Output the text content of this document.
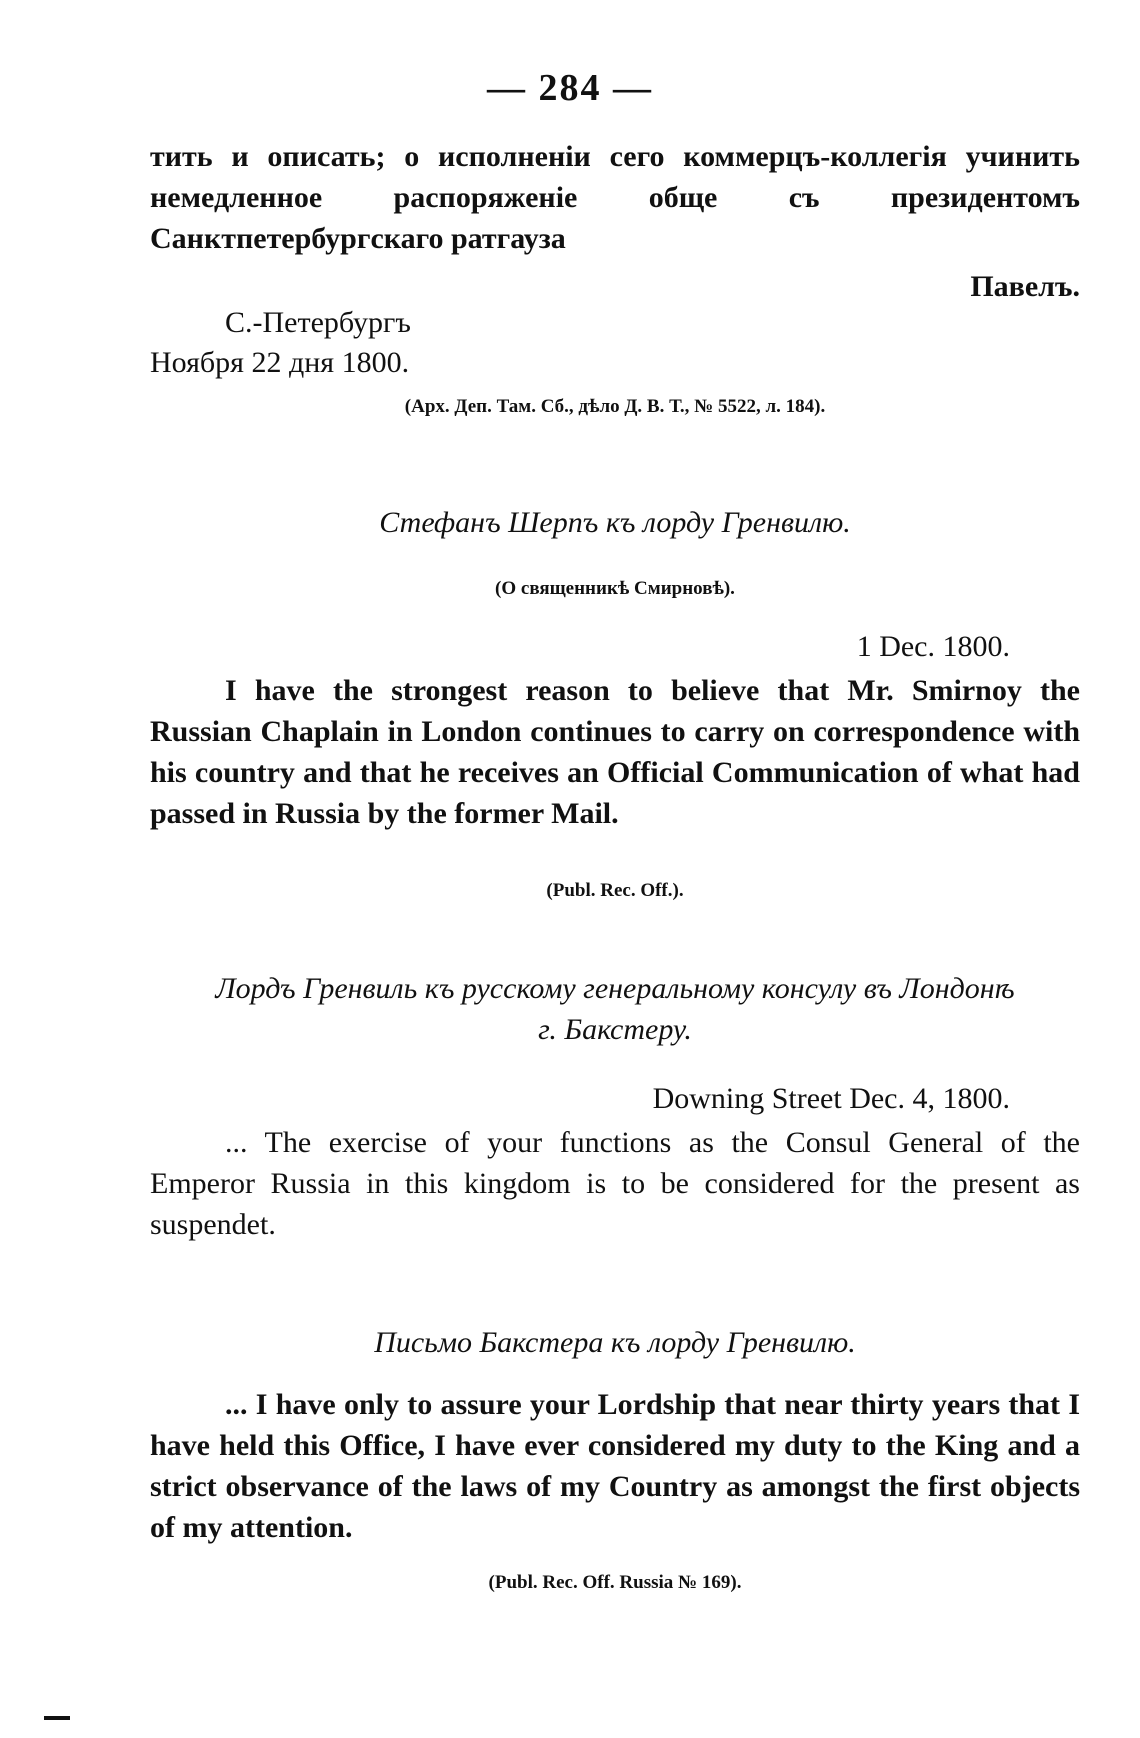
— 284 —
тить и описать; о исполненіи сего коммерцъ-коллегія учинить немедленное распоряженіе обще съ президентомъ Санктпетербургскаго ратгауза
Павелъ.
С.-Петербургъ
Ноября 22 дня 1800.
(Арх. Деп. Там. Сб., дѣло Д. В. Т., № 5522, л. 184).
Стефанъ Шерпъ къ лорду Гренвилю.
(О священникѣ Смирновѣ).
1 Dec. 1800.
I have the strongest reason to believe that Mr. Smirnoy the Russian Chaplain in London continues to carry on correspondence with his country and that he receives an Official Communication of what had passed in Russia by the former Mail.
(Publ. Rec. Off.).
Лордъ Гренвиль къ русскому генеральному консулу въ Лондонѣ
г. Бакстеру.
Downing Street Dec. 4, 1800.
... The exercise of your functions as the Consul General of the Emperor Russia in this kingdom is to be considered for the present as suspendet.
Письмо Бакстера къ лорду Гренвилю.
... I have only to assure your Lordship that near thirty years that I have held this Office, I have ever considered my duty to the King and a strict observance of the laws of my Country as amongst the first objects of my attention.
(Publ. Rec. Off. Russia № 169).
